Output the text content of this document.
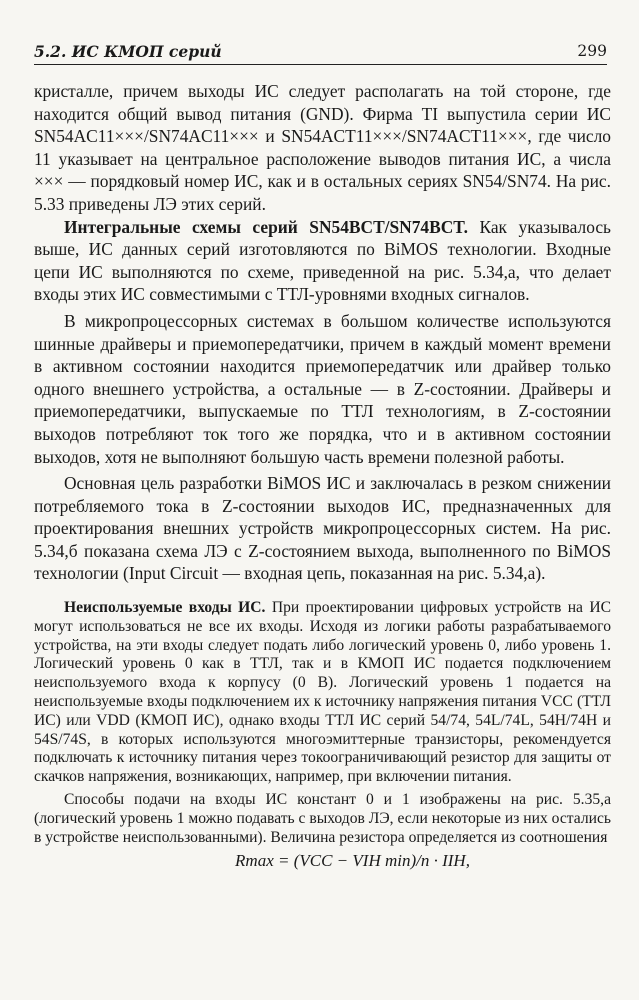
5.2. ИС КМОП серий	299

кристалле, причем выходы ИС следует располагать на той стороне, где находится общий вывод питания (GND). Фирма TI выпустила серии ИС SN54AC11×××/SN74AC11××× и SN54ACT11×××/SN74ACT11×××, где число 11 указывает на центральное расположение выводов питания ИС, а числа ××× — порядковый номер ИС, как и в остальных сериях SN54/SN74. На рис. 5.33 приведены ЛЭ этих серий.

Интегральные схемы серий SN54BCT/SN74BCT. Как указывалось выше, ИС данных серий изготовляются по BiMOS технологии. Входные цепи ИС выполняются по схеме, приведенной на рис. 5.34,а, что делает входы этих ИС совместимыми с ТТЛ-уровнями входных сигналов.

В микропроцессорных системах в большом количестве используются шинные драйверы и приемопередатчики, причем в каждый момент времени в активном состоянии находится приемопередатчик или драйвер только одного внешнего устройства, а остальные — в Z-состоянии. Драйверы и приемопередатчики, выпускаемые по ТТЛ технологиям, в Z-состоянии выходов потребляют ток того же порядка, что и в активном состоянии выходов, хотя не выполняют большую часть времени полезной работы.

Основная цель разработки BiMOS ИС и заключалась в резком снижении потребляемого тока в Z-состоянии выходов ИС, предназначенных для проектирования внешних устройств микропроцессорных систем. На рис. 5.34,б показана схема ЛЭ с Z-состоянием выхода, выполненного по BiMOS технологии (Input Circuit — входная цепь, показанная на рис. 5.34,а).

Неиспользуемые входы ИС. При проектировании цифровых устройств на ИС могут использоваться не все их входы. Исходя из логики работы разрабатываемого устройства, на эти входы следует подать либо логический уровень 0, либо уровень 1. Логический уровень 0 как в ТТЛ, так и в КМОП ИС подается подключением неиспользуемого входа к корпусу (0 В). Логический уровень 1 подается на неиспользуемые входы подключением их к источнику напряжения питания VCC (ТТЛ ИС) или VDD (КМОП ИС), однако входы ТТЛ ИС серий 54/74, 54L/74L, 54H/74H и 54S/74S, в которых используются многоэмиттерные транзисторы, рекомендуется подключать к источнику питания через токоограничивающий резистор для защиты от скачков напряжения, возникающих, например, при включении питания.

Способы подачи на входы ИС констант 0 и 1 изображены на рис. 5.35,а (логический уровень 1 можно подавать с выходов ЛЭ, если некоторые из них остались в устройстве неиспользованными). Величина резистора определяется из соотношения

Rmax = (VCC − VIH min)/n · IIH,
